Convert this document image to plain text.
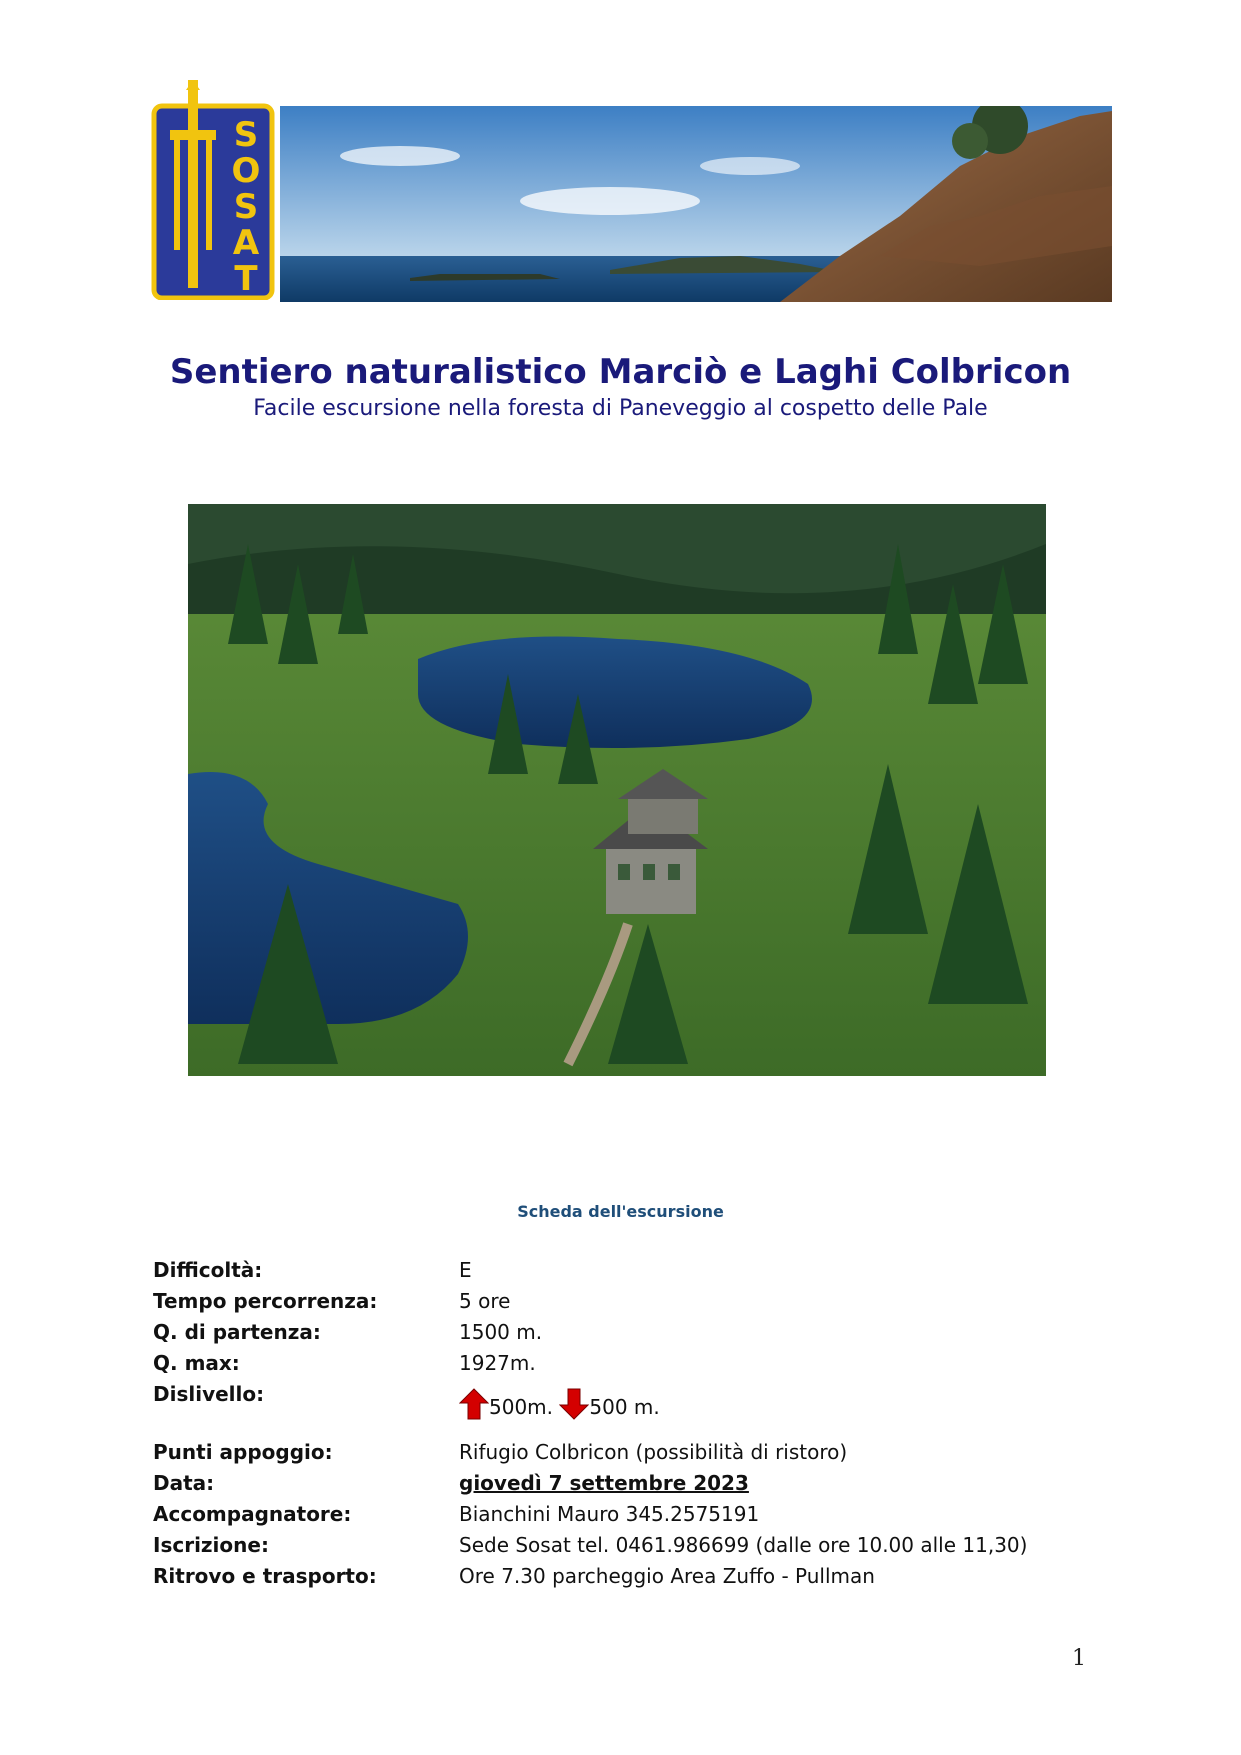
S
O
S
A
T
Sentiero naturalistico Marciò e Laghi Colbricon
Facile escursione nella foresta di Paneveggio al cospetto delle Pale
Scheda dell'escursione
Difficoltà:	E
Tempo percorrenza:	5 ore
Q. di partenza:	1500 m.
Q. max:	1927m.
Dislivello:
500m. 500 m.
Punti appoggio:	Rifugio Colbricon (possibilità di ristoro)
Data:	giovedì 7 settembre 2023
Accompagnatore:	Bianchini Mauro 345.2575191
Iscrizione:	Sede Sosat tel. 0461.986699 (dalle ore 10.00 alle 11,30)
Ritrovo e trasporto:	Ore 7.30 parcheggio Area Zuffo - Pullman
1
